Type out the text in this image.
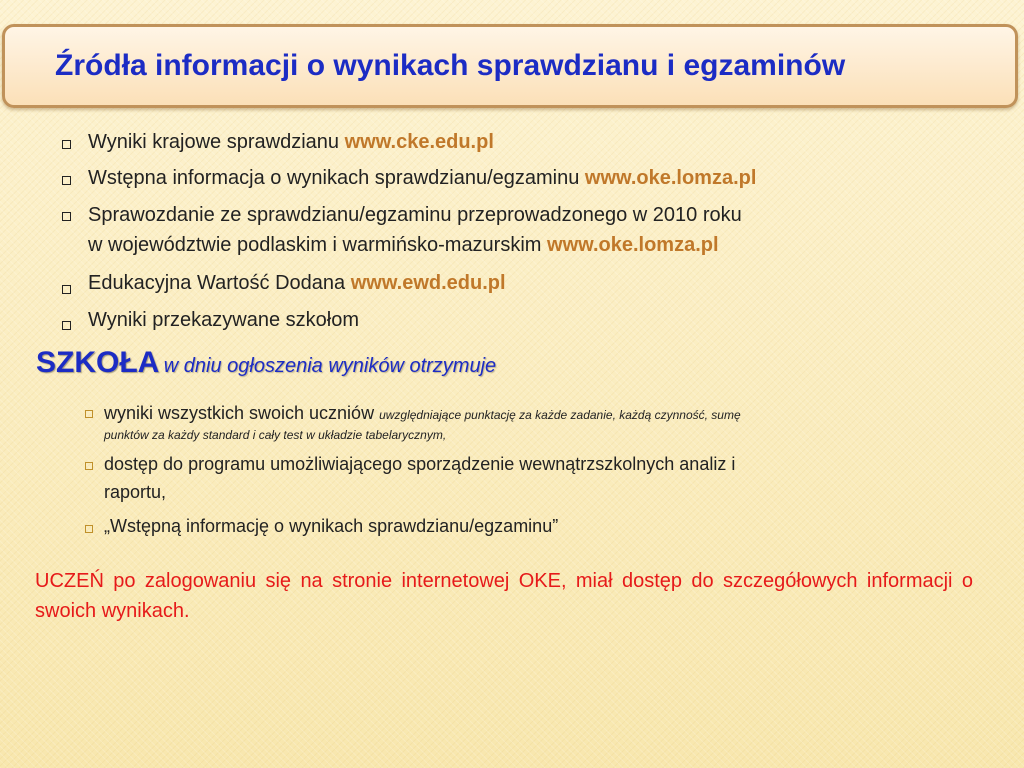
Źródła informacji o wynikach sprawdzianu i egzaminów
Wyniki krajowe sprawdzianu www.cke.edu.pl
Wstępna informacja o wynikach sprawdzianu/egzaminu www.oke.lomza.pl
Sprawozdanie ze sprawdzianu/egzaminu przeprowadzonego w 2010 roku
w województwie podlaskim i warmińsko-mazurskim www.oke.lomza.pl
Edukacyjna Wartość Dodana www.ewd.edu.pl
Wyniki przekazywane szkołom
SZKOŁA w dniu ogłoszenia wyników otrzymuje
wyniki wszystkich swoich uczniów uwzględniające punktację za każde zadanie, każdą czynność, sumę
punktów za każdy standard i cały test w układzie tabelarycznym,
dostęp do programu umożliwiającego sporządzenie wewnątrzszkolnych analiz i
raportu,
„Wstępną informację o wynikach sprawdzianu/egzaminu”
UCZEŃ po zalogowaniu się na stronie internetowej OKE, miał dostęp do szczegółowych informacji o swoich wynikach.
